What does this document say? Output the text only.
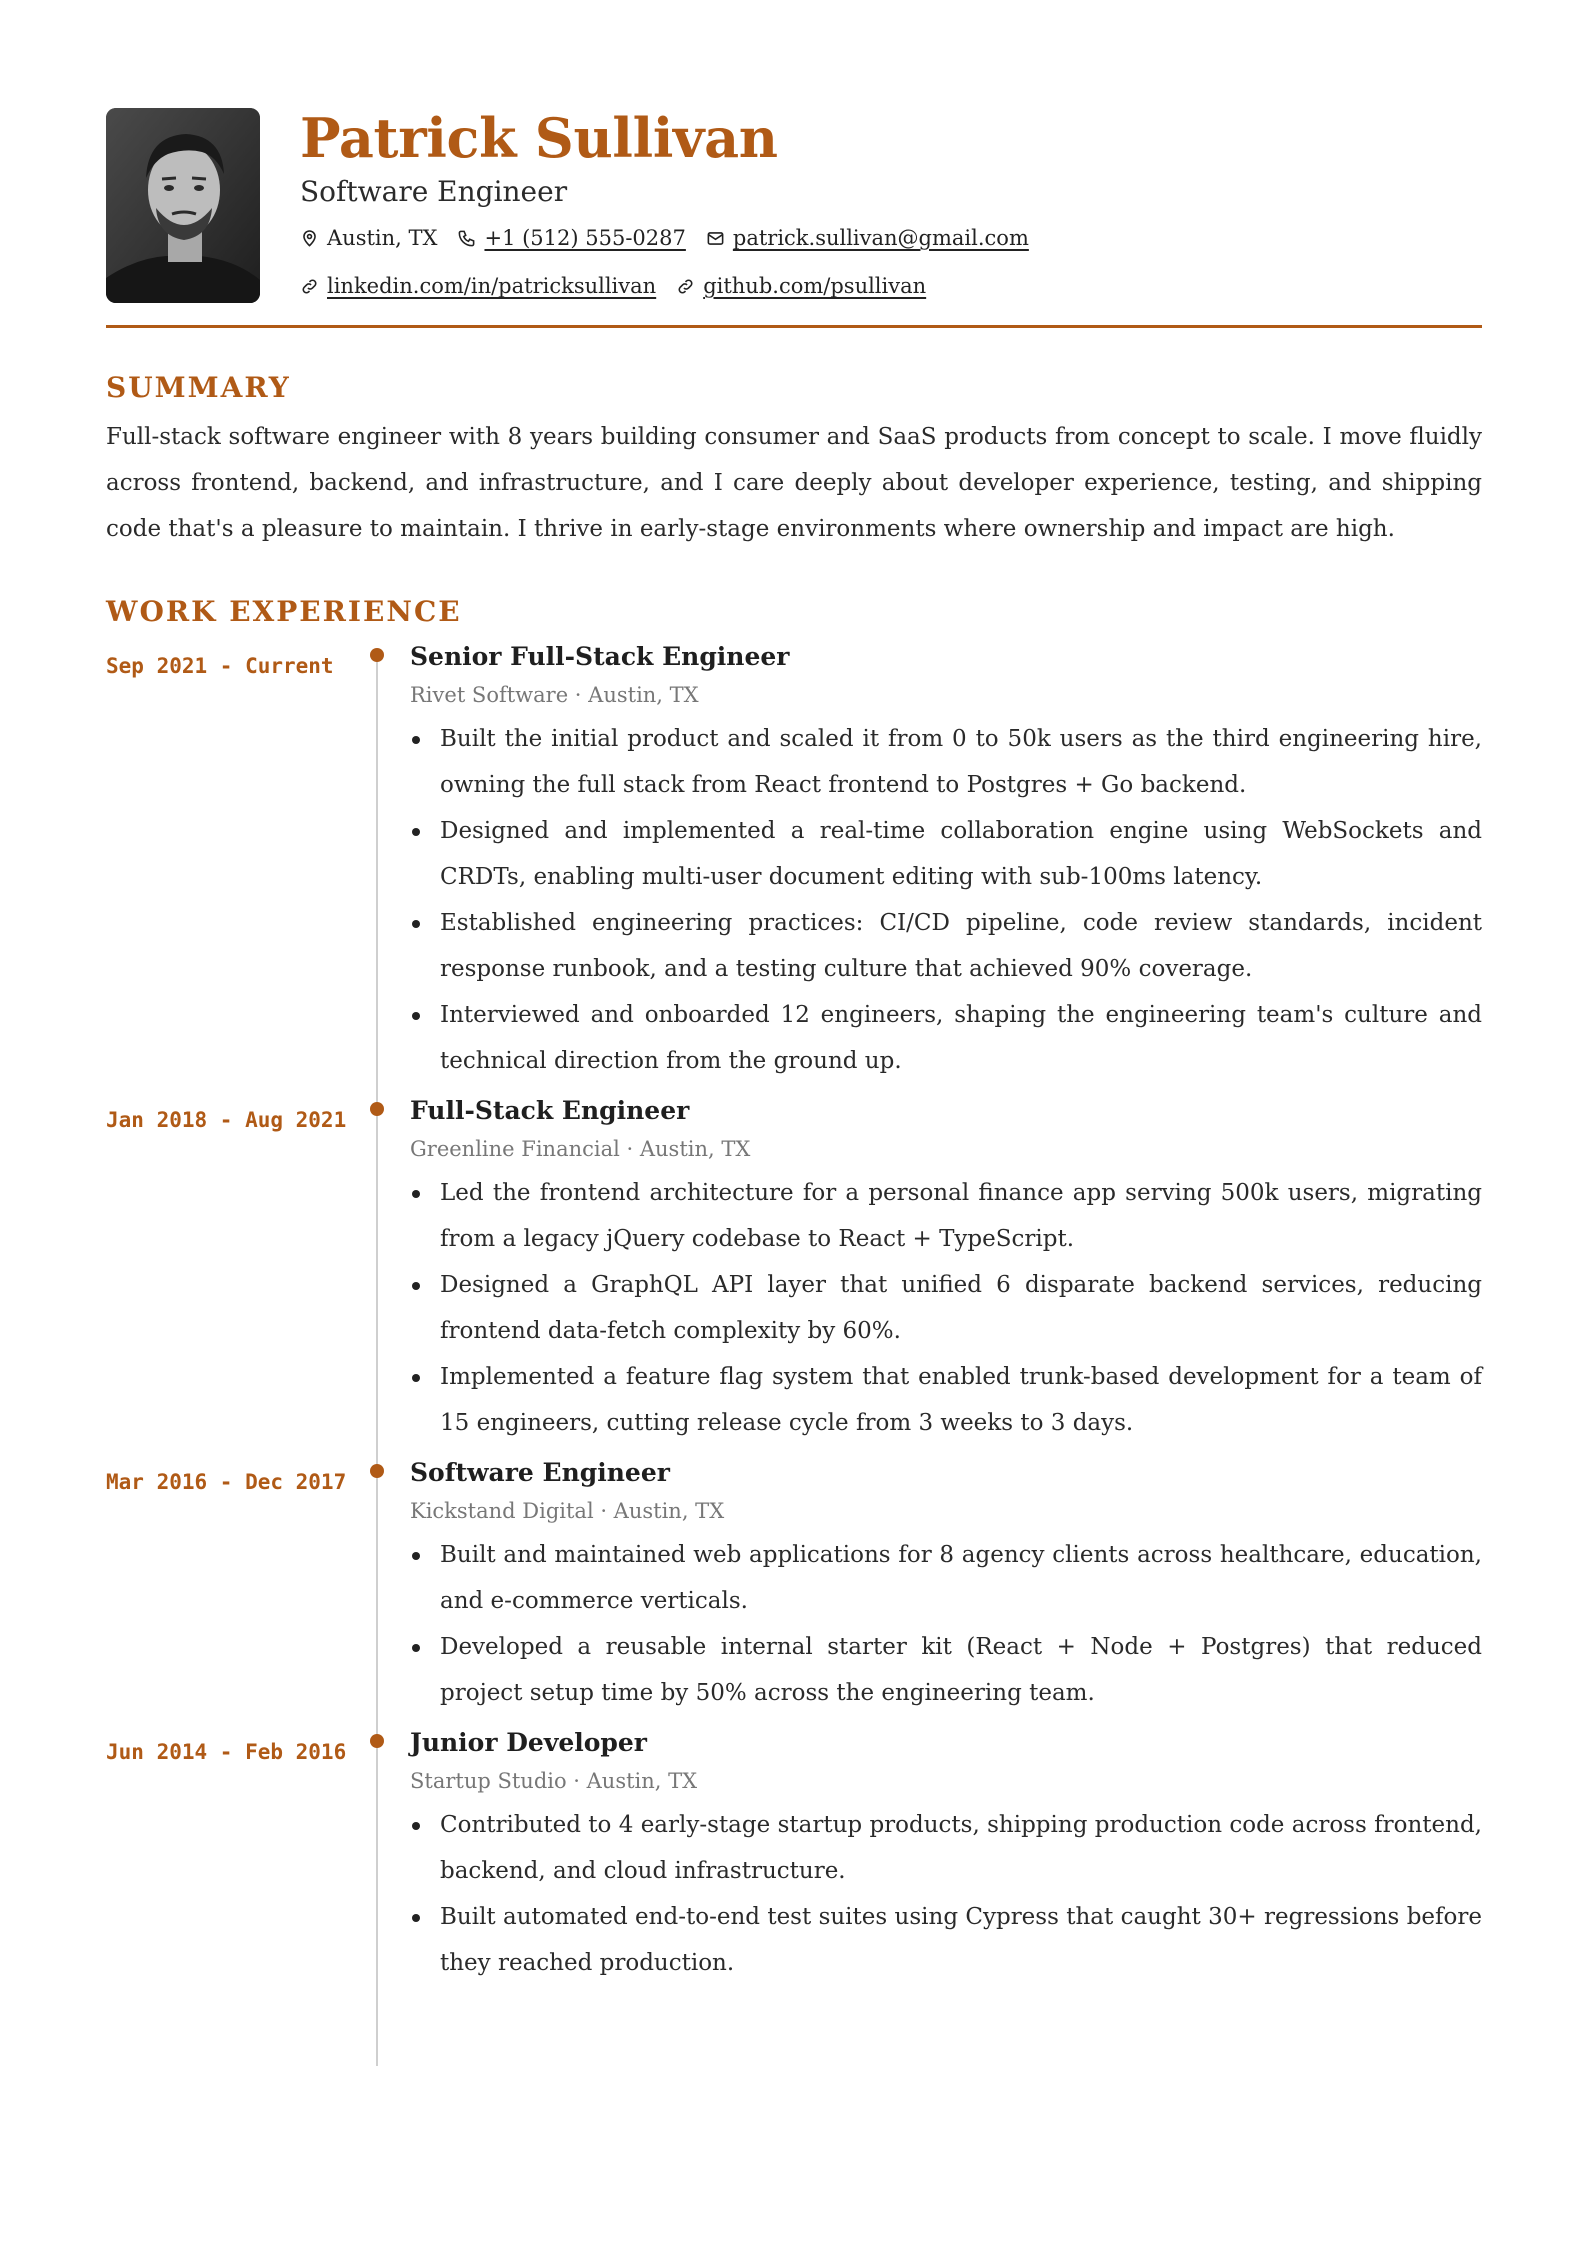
Patrick Sullivan
Software Engineer
Austin, TX +1 (512) 555-0287 patrick.sullivan@gmail.com
linkedin.com/in/patricksullivan github.com/psullivan
SUMMARY
Full-stack software engineer with 8 years building consumer and SaaS products from concept to scale. I move fluidly across frontend, backend, and infrastructure, and I care deeply about developer experience, testing, and shipping code that's a pleasure to maintain. I thrive in early-stage environments where ownership and impact are high.
WORK EXPERIENCE
Sep 2021 - Current	Senior Full-Stack Engineer
Rivet Software · Austin, TX
Built the initial product and scaled it from 0 to 50k users as the third engineering hire, owning the full stack from React frontend to Postgres + Go backend.
Designed and implemented a real-time collaboration engine using WebSockets and CRDTs, enabling multi-user document editing with sub-100ms latency.
Established engineering practices: CI/CD pipeline, code review standards, incident response runbook, and a testing culture that achieved 90% coverage.
Interviewed and onboarded 12 engineers, shaping the engineering team's culture and technical direction from the ground up.
Jan 2018 - Aug 2021	Full-Stack Engineer
Greenline Financial · Austin, TX
Led the frontend architecture for a personal finance app serving 500k users, migrating from a legacy jQuery codebase to React + TypeScript.
Designed a GraphQL API layer that unified 6 disparate backend services, reducing frontend data-fetch complexity by 60%.
Implemented a feature flag system that enabled trunk-based development for a team of 15 engineers, cutting release cycle from 3 weeks to 3 days.
Mar 2016 - Dec 2017	Software Engineer
Kickstand Digital · Austin, TX
Built and maintained web applications for 8 agency clients across healthcare, education, and e-commerce verticals.
Developed a reusable internal starter kit (React + Node + Postgres) that reduced project setup time by 50% across the engineering team.
Jun 2014 - Feb 2016	Junior Developer
Startup Studio · Austin, TX
Contributed to 4 early-stage startup products, shipping production code across frontend, backend, and cloud infrastructure.
Built automated end-to-end test suites using Cypress that caught 30+ regressions before they reached production.
